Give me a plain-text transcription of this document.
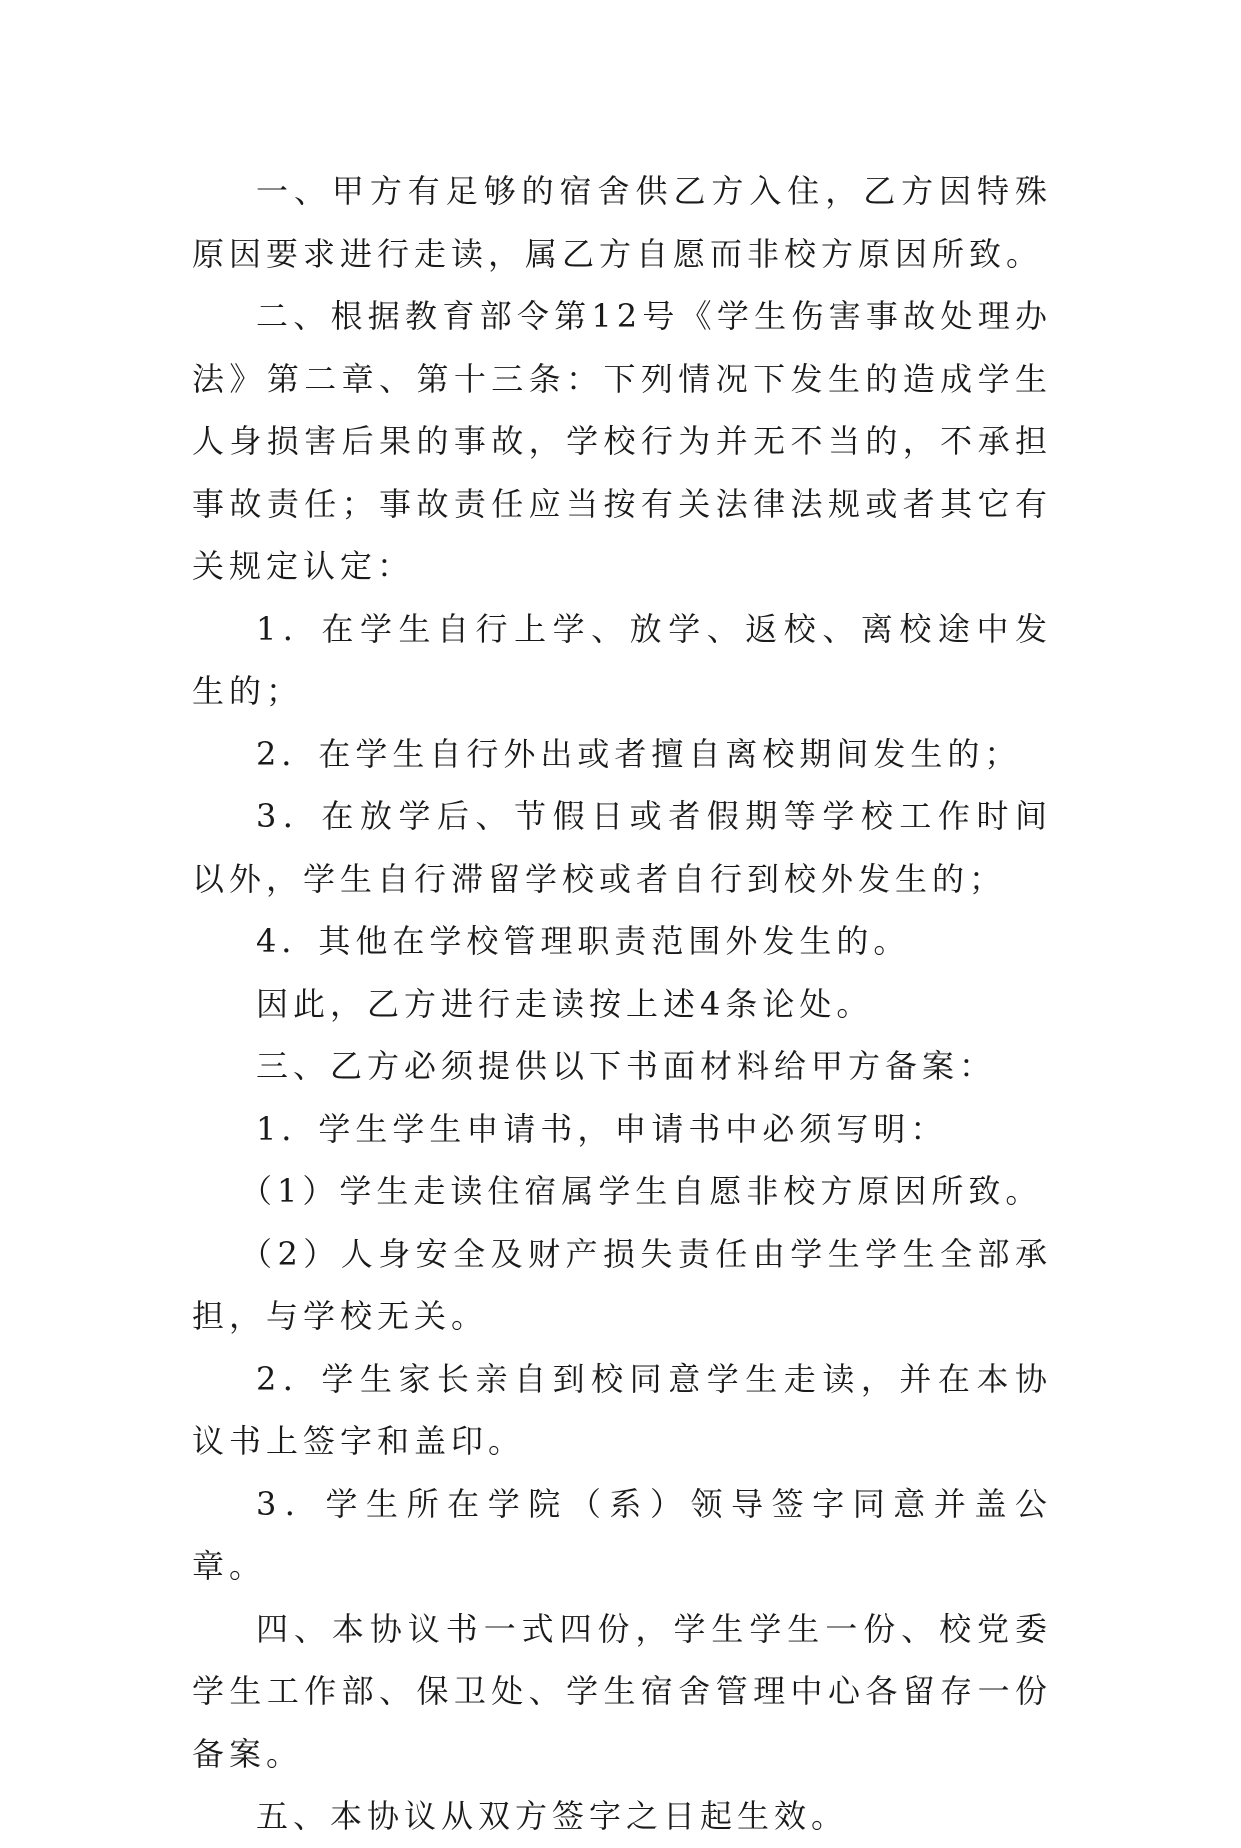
一、甲方有足够的宿舍供乙方入住，乙方因特殊原因要求进行走读，属乙方自愿而非校方原因所致。

二、根据教育部令第12号《学生伤害事故处理办法》第二章、第十三条：下列情况下发生的造成学生人身损害后果的事故，学校行为并无不当的，不承担事故责任；事故责任应当按有关法律法规或者其它有关规定认定：

1．在学生自行上学、放学、返校、离校途中发生的；

2．在学生自行外出或者擅自离校期间发生的；

3．在放学后、节假日或者假期等学校工作时间以外，学生自行滞留学校或者自行到校外发生的；

4．其他在学校管理职责范围外发生的。

因此，乙方进行走读按上述4条论处。

三、乙方必须提供以下书面材料给甲方备案：

1．学生学生申请书，申请书中必须写明：

（1）学生走读住宿属学生自愿非校方原因所致。

（2）人身安全及财产损失责任由学生学生全部承担，与学校无关。

2．学生家长亲自到校同意学生走读，并在本协议书上签字和盖印。

3．学生所在学院（系）领导签字同意并盖公章。

四、本协议书一式四份，学生学生一份、校党委学生工作部、保卫处、学生宿舍管理中心各留存一份备案。

五、本协议从双方签字之日起生效。
